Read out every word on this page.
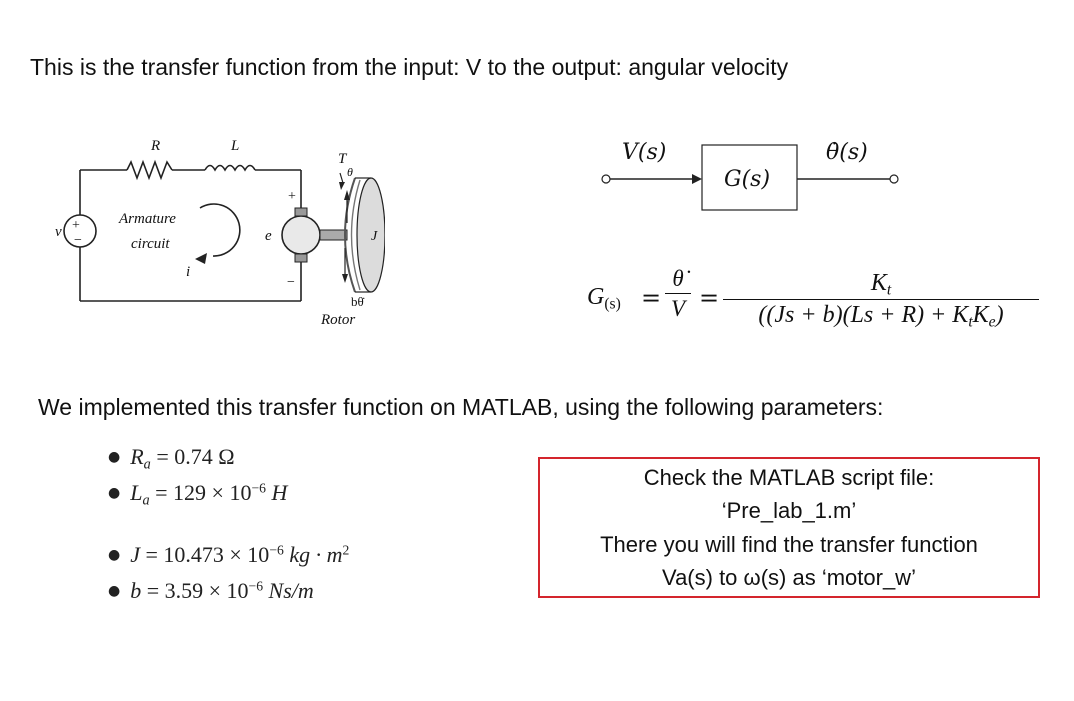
This is the transfer function from the input: V to the output: angular velocity
+
−
R	L
v
Armature
circuit
i
e
+
−
T
θ
J
bθ̇
Rotor
V(s)
G(s)
θ̇(s)
$G_{(s)}$ =
θ̇
V =
$K_t$
$((Js + b)(Ls + R) + K_tK_e)$
We implemented this transfer function on MATLAB, using the following parameters:
● $R_a = 0.74$ Ω
● $L_a = 129 \times 10^{-6}$ H
● $J = 10.473 \times 10^{-6}$ kg · $m^2$
● $b = 3.59 \times 10^{-6}$ Ns/m
Check the MATLAB script file:
‘Pre_lab_1.m’
There you will find the transfer function
Va(s) to ω(s) as ‘motor_w’
